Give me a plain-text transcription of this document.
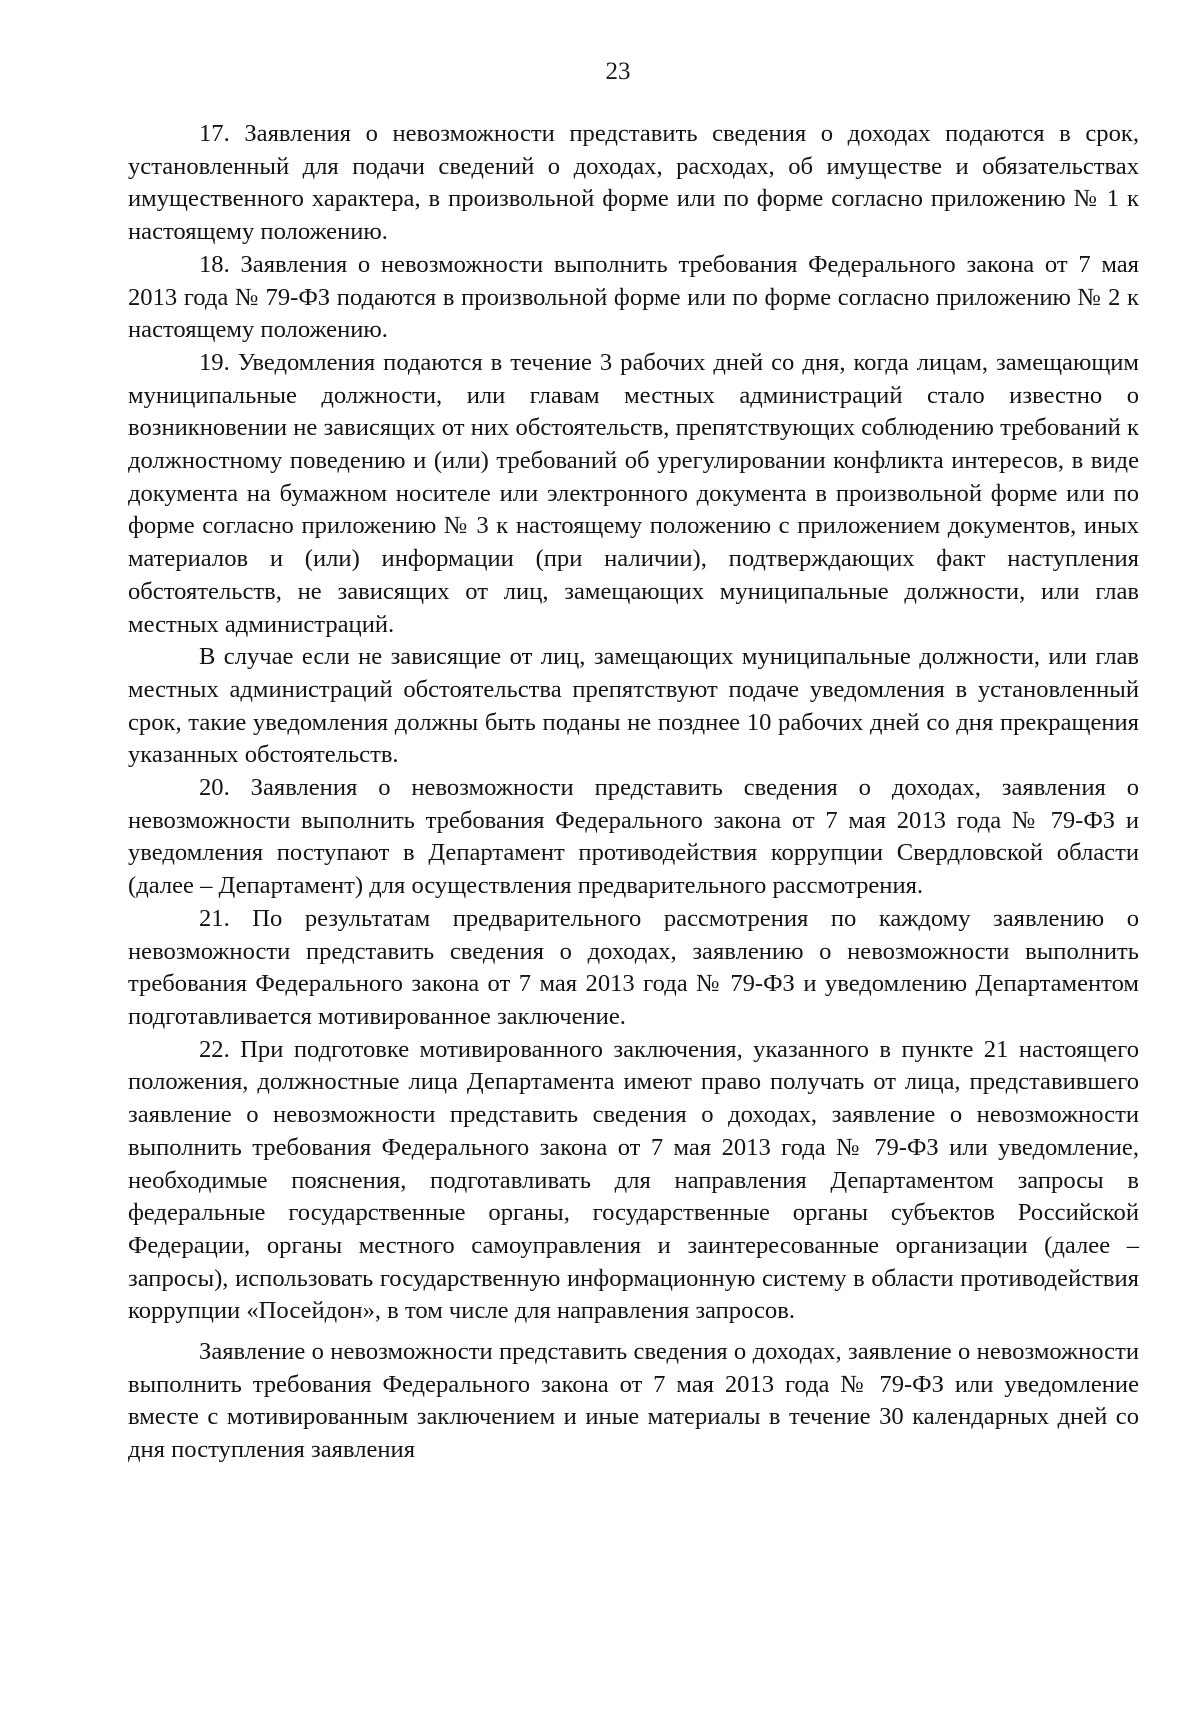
23

17. Заявления о невозможности представить сведения о доходах подаются в срок, установленный для подачи сведений о доходах, расходах, об имуществе и обязательствах имущественного характера, в произвольной форме или по форме согласно приложению № 1 к настоящему положению.

18. Заявления о невозможности выполнить требования Федерального закона от 7 мая 2013 года № 79-ФЗ подаются в произвольной форме или по форме согласно приложению № 2 к настоящему положению.

19. Уведомления подаются в течение 3 рабочих дней со дня, когда лицам, замещающим муниципальные должности, или главам местных администраций стало известно о возникновении не зависящих от них обстоятельств, препятствующих соблюдению требований к должностному поведению и (или) требований об урегулировании конфликта интересов, в виде документа на бумажном носителе или электронного документа в произвольной форме или по форме согласно приложению № 3 к настоящему положению с приложением документов, иных материалов и (или) информации (при наличии), подтверждающих факт наступления обстоятельств, не зависящих от лиц, замещающих муниципальные должности, или глав местных администраций.

В случае если не зависящие от лиц, замещающих муниципальные должности, или глав местных администраций обстоятельства препятствуют подаче уведомления в установленный срок, такие уведомления должны быть поданы не позднее 10 рабочих дней со дня прекращения указанных обстоятельств.

20. Заявления о невозможности представить сведения о доходах, заявления о невозможности выполнить требования Федерального закона от 7 мая 2013 года № 79-ФЗ и уведомления поступают в Департамент противодействия коррупции Свердловской области (далее – Департамент) для осуществления предварительного рассмотрения.

21. По результатам предварительного рассмотрения по каждому заявлению о невозможности представить сведения о доходах, заявлению о невозможности выполнить требования Федерального закона от 7 мая 2013 года № 79-ФЗ и уведомлению Департаментом подготавливается мотивированное заключение.

22. При подготовке мотивированного заключения, указанного в пункте 21 настоящего положения, должностные лица Департамента имеют право получать от лица, представившего заявление о невозможности представить сведения о доходах, заявление о невозможности выполнить требования Федерального закона от 7 мая 2013 года № 79-ФЗ или уведомление, необходимые пояснения, подготавливать для направления Департаментом запросы в федеральные государственные органы, государственные органы субъектов Российской Федерации, органы местного самоуправления и заинтересованные организации (далее – запросы), использовать государственную информационную систему в области противодействия коррупции «Посейдон», в том числе для направления запросов.

Заявление о невозможности представить сведения о доходах, заявление о невозможности выполнить требования Федерального закона от 7 мая 2013 года № 79-ФЗ или уведомление вместе с мотивированным заключением и иные материалы в течение 30 календарных дней со дня поступления заявления
